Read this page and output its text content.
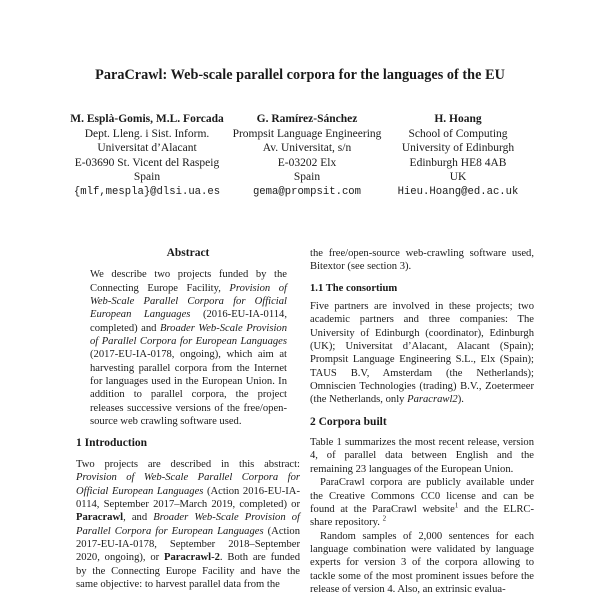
ParaCrawl: Web-scale parallel corpora for the languages of the EU
M. Esplà-Gomis, M.L. Forcada
Dept. Lleng. i Sist. Inform.
Universitat d’Alacant
E-03690 St. Vicent del Raspeig
Spain
{mlf,mespla}@dlsi.ua.es
G. Ramírez-Sánchez
Prompsit Language Engineering
Av. Universitat, s/n
E-03202 Elx
Spain
gema@prompsit.com
H. Hoang
School of Computing
University of Edinburgh
Edinburgh HE8 4AB
UK
Hieu.Hoang@ed.ac.uk
Abstract

We describe two projects funded by the Connecting Europe Facility, Provision of Web-Scale Parallel Corpora for Official European Languages (2016-EU-IA-0114, completed) and Broader Web-Scale Provision of Parallel Corpora for European Languages (2017-EU-IA-0178, ongoing), which aim at harvesting parallel corpora from the Internet for languages used in the European Union. In addition to parallel corpora, the project releases successive versions of the free/open-source web crawling software used.

1 Introduction

Two projects are described in this abstract: Provision of Web-Scale Parallel Corpora for Official European Languages (Action 2016-EU-IA-0114, September 2017–March 2019, completed) or Paracrawl, and Broader Web-Scale Provision of Parallel Corpora for European Languages (Action 2017-EU-IA-0178, September 2018–September 2020, ongoing), or Paracrawl-2. Both are funded by the Connecting Europe Facility and have the same objective: to harvest parallel data from the

the free/open-source web-crawling software used, Bitextor (see section 3).

1.1 The consortium

Five partners are involved in these projects; two academic partners and three companies: The University of Edinburgh (coordinator), Edinburgh (UK); Universitat d’Alacant, Alacant (Spain); Prompsit Language Engineering S.L., Elx (Spain); TAUS B.V, Amsterdam (the Netherlands); Omniscien Technologies (trading) B.V., Zoetermeer (the Netherlands, only Paracrawl2).

2 Corpora built

Table 1 summarizes the most recent release, version 4, of parallel data between English and the remaining 23 languages of the European Union.

ParaCrawl corpora are publicly available under the Creative Commons CC0 license and can be found at the ParaCrawl website$^1$ and the ELRC-share repository. $^2$

Random samples of 2,000 sentences for each language combination were validated by language experts for version 3 of the corpora allowing to tackle some of the most prominent issues before the release of version 4. Also, an extrinsic evalua-
